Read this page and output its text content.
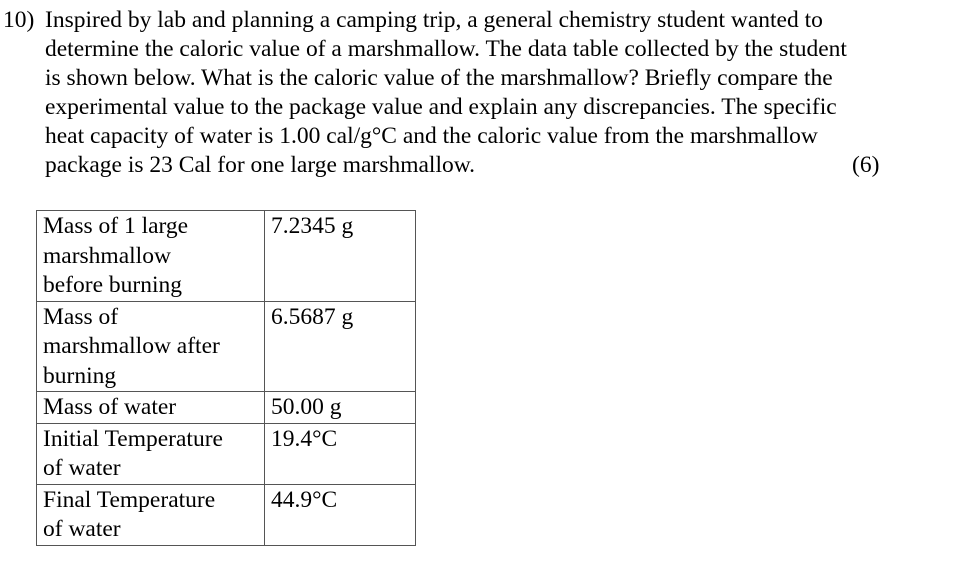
10) Inspired by lab and planning a camping trip, a general chemistry student wanted to
determine the caloric value of a marshmallow. The data table collected by the student
is shown below. What is the caloric value of the marshmallow? Briefly compare the
experimental value to the package value and explain any discrepancies. The specific
heat capacity of water is 1.00 cal/g°C and the caloric value from the marshmallow
package is 23 Cal for one large marshmallow.	(6)
Mass of 1 large
marshmallow
before burning	7.2345 g

Mass of
marshmallow after
burning	6.5687 g

Mass of water	50.00 g

Initial Temperature
of water	19.4°C

Final Temperature
of water	44.9°C
